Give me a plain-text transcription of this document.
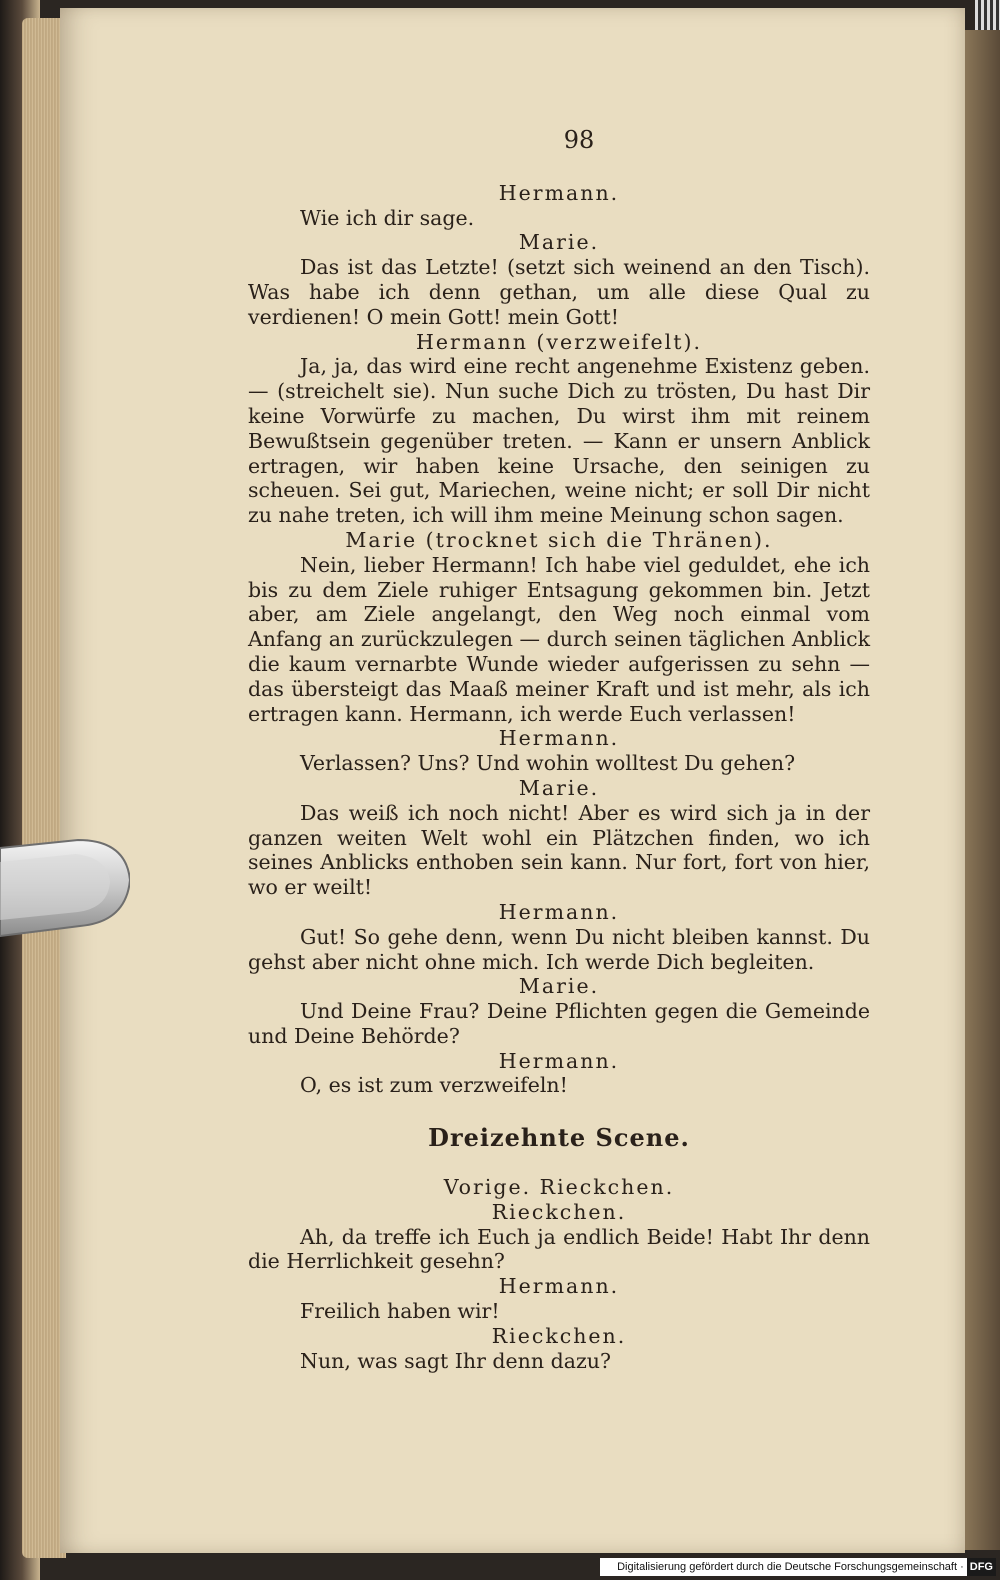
98

Hermann.

Wie ich dir sage.

Marie.

Das ist das Letzte! (setzt sich weinend an den Tisch). Was habe ich denn gethan, um alle diese Qual zu verdienen! O mein Gott! mein Gott!

Hermann (verzweifelt).

Ja, ja, das wird eine recht angenehme Existenz geben. — (streichelt sie). Nun suche Dich zu trösten, Du hast Dir keine Vorwürfe zu machen, Du wirst ihm mit reinem Bewußtsein gegenüber treten. — Kann er unsern Anblick ertragen, wir haben keine Ursache, den seinigen zu scheuen. Sei gut, Mariechen, weine nicht; er soll Dir nicht zu nahe treten, ich will ihm meine Meinung schon sagen.

Marie (trocknet sich die Thränen).

Nein, lieber Hermann! Ich habe viel geduldet, ehe ich bis zu dem Ziele ruhiger Entsagung gekommen bin. Jetzt aber, am Ziele angelangt, den Weg noch einmal vom Anfang an zurückzulegen — durch seinen täglichen Anblick die kaum vernarbte Wunde wieder aufgerissen zu sehn — das übersteigt das Maaß meiner Kraft und ist mehr, als ich ertragen kann. Hermann, ich werde Euch verlassen!

Hermann.

Verlassen? Uns? Und wohin wolltest Du gehen?

Marie.

Das weiß ich noch nicht! Aber es wird sich ja in der ganzen weiten Welt wohl ein Plätzchen finden, wo ich seines Anblicks enthoben sein kann. Nur fort, fort von hier, wo er weilt!

Hermann.

Gut! So gehe denn, wenn Du nicht bleiben kannst. Du gehst aber nicht ohne mich. Ich werde Dich begleiten.

Marie.

Und Deine Frau? Deine Pflichten gegen die Gemeinde und Deine Behörde?

Hermann.

O, es ist zum verzweifeln!

Dreizehnte Scene.

Vorige. Rieckchen.

Rieckchen.

Ah, da treffe ich Euch ja endlich Beide! Habt Ihr denn die Herrlichkeit gesehn?

Hermann.

Freilich haben wir!

Rieckchen.

Nun, was sagt Ihr denn dazu?

Digitalisierung gefördert durch die Deutsche Forschungsgemeinschaft · DFG
